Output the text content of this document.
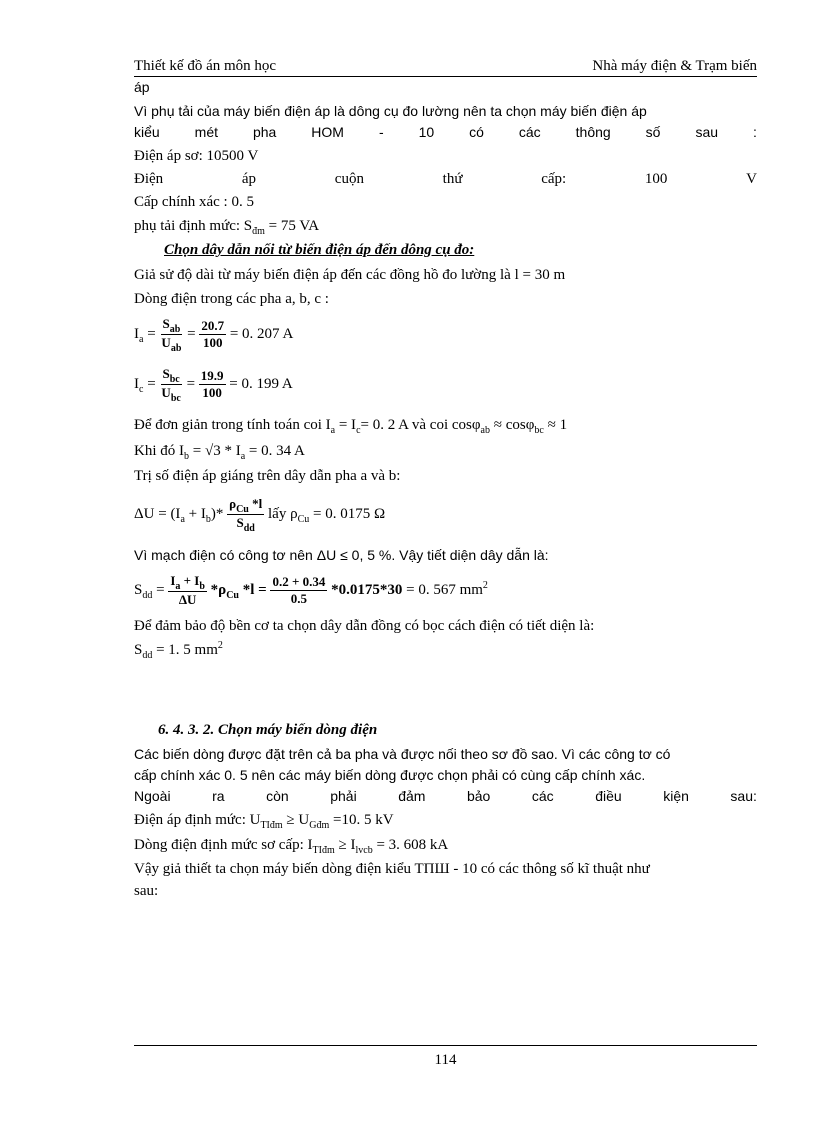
Thiết kế đồ án môn học	Nhà máy điện & Trạm biến
áp
Vì phụ tải của máy biến điện áp là dông cụ đo lường nên ta chọn máy biến điện áp
kiểu mét pha HOM - 10 có các thông số sau :
Điện áp sơ: 10500 V
Điện	áp	cuộn	thứ	cấp:	100	V
Cấp chính xác : 0. 5
phụ tải định mức: $S_{đm} = 75$ VA
Chọn dây dẫn nối từ biến điện áp đến dông cụ đo:
Giả sử độ dài từ máy biến điện áp đến các đồng hồ đo lường là l = 30 m
Dòng điện trong các pha a, b, c :
$I_a = \frac{S_{ab}}{U_{ab}} = \frac{20.7}{100} = 0$. 207 A
$I_c = \frac{S_{bc}}{U_{bc}} = \frac{19.9}{100} = 0$. 199 A
Để đơn giản trong tính toán coi $I_a = I_c= 0$. 2 A và coi cosφ$_{ab}$ ≈ cosφ$_{bc}$ ≈ 1
Khi đó $I_b = √3 * I_a = 0$. 34 A
Trị số điện áp giáng trên dây dẫn pha a và b:
$\Delta U = (I_a + I_b)* \frac{\rho_{Cu} *l}{S_{dd}}$ lấy $\rho_{Cu} = 0$. 0175 Ω
Vì mạch điện có công tơ nên ΔU ≤ 0, 5 %. Vậy tiết diện dây dẫn là:
$S_{dd} = \frac{I_a + I_b}{\Delta U} *\rho_{Cu}$ $*l = \frac{0.2 + 0.34}{0.5} *0.0175*30 = 0$. 567 $mm^2$
Để đảm bảo độ bền cơ ta chọn dây dẫn đồng có bọc cách điện có tiết diện là:
$S_{dd} = 1$. 5 $mm^2$
6. 4. 3. 2. Chọn máy biến dòng điện
Các biến dòng được đặt trên cả ba pha và được nối theo sơ đồ sao. Vì các công tơ có
cấp chính xác 0. 5 nên các máy biến dòng được chọn phải có cùng cấp chính xác.
Ngoài	ra	còn	phải	đảm	bảo	các	điều	kiện	sau:
Điện áp định mức: $U_{TIđm} \ge U_{Gđm} =10$. 5 kV
Dòng điện định mức sơ cấp: $I_{TIđm} \ge I_{lvcb} = 3$. 608 kA
Vậy giả thiết ta chọn máy biến dòng điện kiểu TПШ - 10 có các thông số kĩ thuật như
sau:
114
